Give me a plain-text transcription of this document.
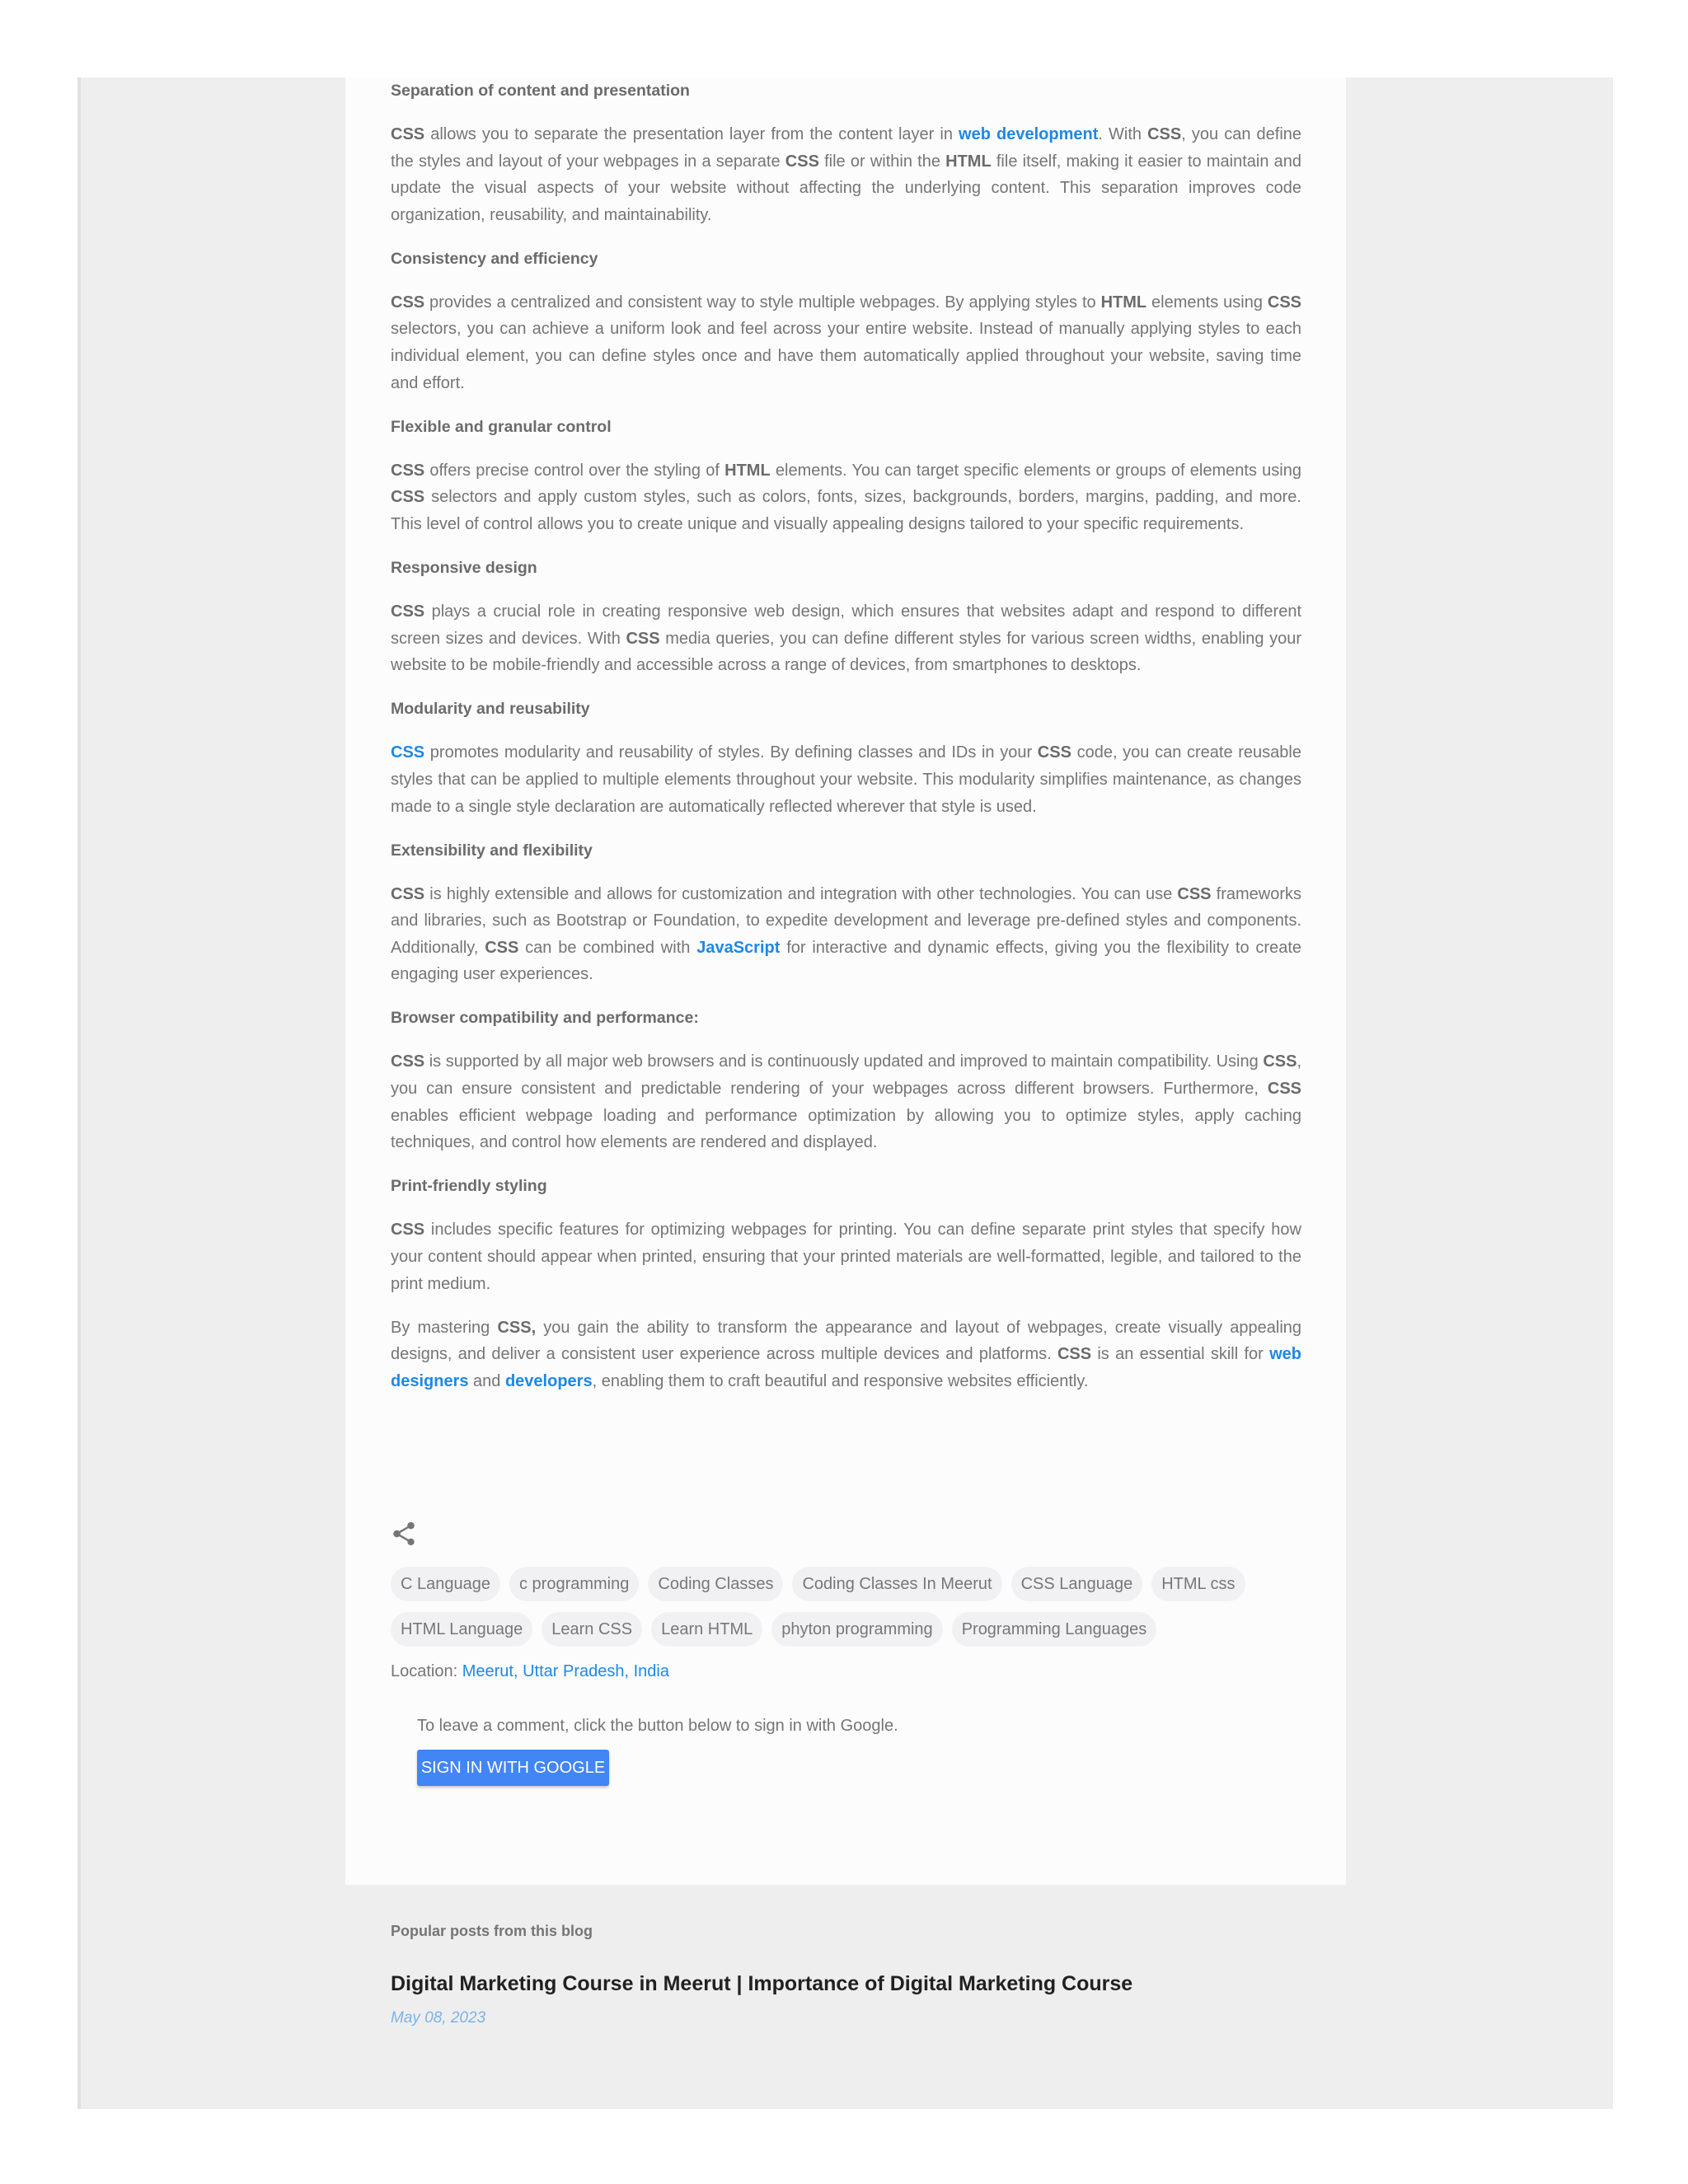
Separation of content and presentation

CSS allows you to separate the presentation layer from the content layer in web development. With CSS, you can define the styles and layout of your webpages in a separate CSS file or within the HTML file itself, making it easier to maintain and update the visual aspects of your website without affecting the underlying content. This separation improves code organization, reusability, and maintainability.

Consistency and efficiency

CSS provides a centralized and consistent way to style multiple webpages. By applying styles to HTML elements using CSS selectors, you can achieve a uniform look and feel across your entire website. Instead of manually applying styles to each individual element, you can define styles once and have them automatically applied throughout your website, saving time and effort.

Flexible and granular control

CSS offers precise control over the styling of HTML elements. You can target specific elements or groups of elements using CSS selectors and apply custom styles, such as colors, fonts, sizes, backgrounds, borders, margins, padding, and more. This level of control allows you to create unique and visually appealing designs tailored to your specific requirements.

Responsive design

CSS plays a crucial role in creating responsive web design, which ensures that websites adapt and respond to different screen sizes and devices. With CSS media queries, you can define different styles for various screen widths, enabling your website to be mobile-friendly and accessible across a range of devices, from smartphones to desktops.

Modularity and reusability

CSS promotes modularity and reusability of styles. By defining classes and IDs in your CSS code, you can create reusable styles that can be applied to multiple elements throughout your website. This modularity simplifies maintenance, as changes made to a single style declaration are automatically reflected wherever that style is used.

Extensibility and flexibility

CSS is highly extensible and allows for customization and integration with other technologies. You can use CSS frameworks and libraries, such as Bootstrap or Foundation, to expedite development and leverage pre-defined styles and components. Additionally, CSS can be combined with JavaScript for interactive and dynamic effects, giving you the flexibility to create engaging user experiences.

Browser compatibility and performance:

CSS is supported by all major web browsers and is continuously updated and improved to maintain compatibility. Using CSS, you can ensure consistent and predictable rendering of your webpages across different browsers. Furthermore, CSS enables efficient webpage loading and performance optimization by allowing you to optimize styles, apply caching techniques, and control how elements are rendered and displayed.

Print-friendly styling

CSS includes specific features for optimizing webpages for printing. You can define separate print styles that specify how your content should appear when printed, ensuring that your printed materials are well-formatted, legible, and tailored to the print medium.

By mastering CSS, you gain the ability to transform the appearance and layout of webpages, create visually appealing designs, and deliver a consistent user experience across multiple devices and platforms. CSS is an essential skill for web designers and developers, enabling them to craft beautiful and responsive websites efficiently.

C Language	c programming	Coding Classes	Coding Classes In Meerut	CSS Language	HTML css
HTML Language	Learn CSS	Learn HTML	phyton programming	Programming Languages
Location: Meerut, Uttar Pradesh, India
To leave a comment, click the button below to sign in with Google.
SIGN IN WITH GOOGLE
Popular posts from this blog
Digital Marketing Course in Meerut | Importance of Digital Marketing Course
May 08, 2023
